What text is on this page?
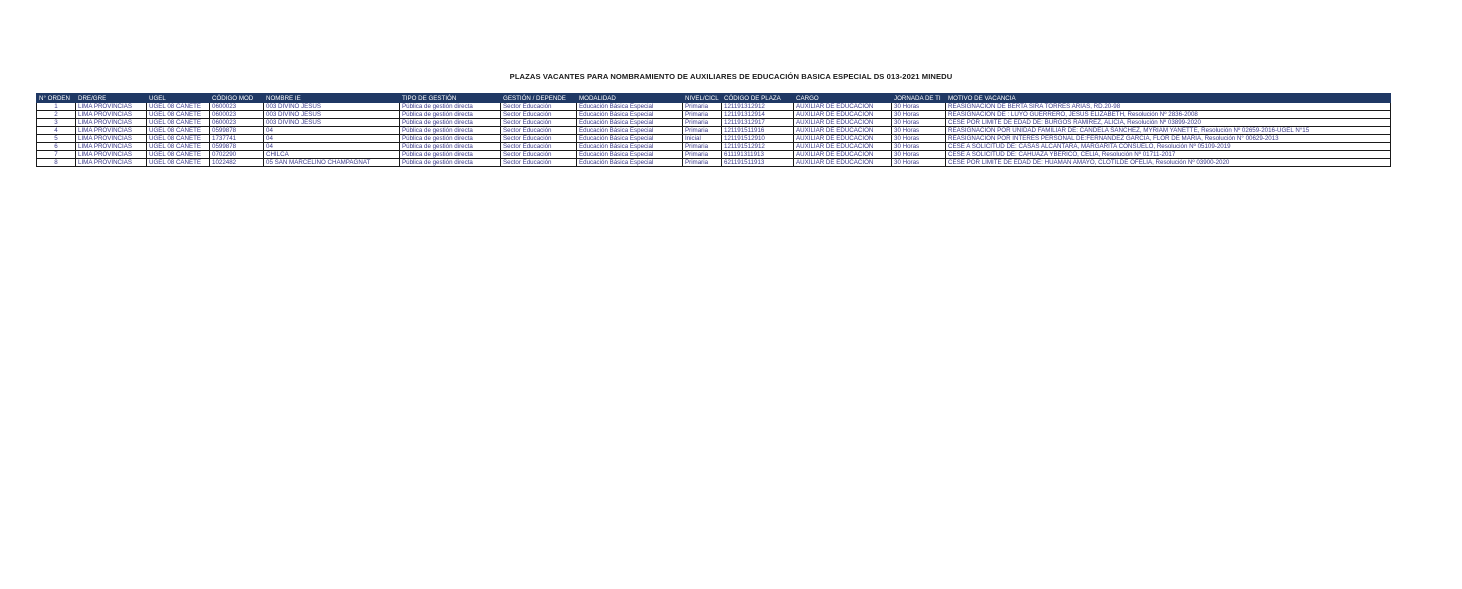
PLAZAS VACANTES PARA NOMBRAMIENTO DE AUXILIARES DE EDUCACIÓN BASICA ESPECIAL DS 013-2021 MINEDU
N° ORDEN	DRE/GRE	UGEL	CÓDIGO MOD	NOMBRE IE	TIPO DE GESTIÓN	GESTIÓN / DEPENDE	MODALIDAD	NIVEL/CICL	CÓDIGO DE PLAZA	CARGO	JORNADA DE TI	MOTIVO DE VACANCIA
1	LIMA PROVINCIAS	UGEL 08 CAÑETE	0600023	003 DIVINO JESUS	Pública de gestión directa	Sector Educación	Educación Básica Especial	Primaria	121191312912	AUXILIAR DE EDUCACION	30 Horas	REASIGNACION DE BERTA SIRA TORRES ARIAS, RD.20-98
2	LIMA PROVINCIAS	UGEL 08 CAÑETE	0600023	003 DIVINO JESUS	Pública de gestión directa	Sector Educación	Educación Básica Especial	Primaria	121191312914	AUXILIAR DE EDUCACION	30 Horas	REASIGNACION DE : LUYO GUERRERO, JESUS ELIZABETH, Resolución Nº 2836-2008
3	LIMA PROVINCIAS	UGEL 08 CAÑETE	0600023	003 DIVINO JESUS	Pública de gestión directa	Sector Educación	Educación Básica Especial	Primaria	121191312917	AUXILIAR DE EDUCACION	30 Horas	CESE POR LIMITE DE EDAD DE: BURGOS RAMIREZ, ALICIA, Resolución Nº 03899-2020
4	LIMA PROVINCIAS	UGEL 08 CAÑETE	0599878	04	Pública de gestión directa	Sector Educación	Educación Básica Especial	Primaria	121191511916	AUXILIAR DE EDUCACION	30 Horas	REASIGNACION POR UNIDAD FAMILIAR DE: CANDELA SANCHEZ, MYRIAM YANETTE, Resolución Nº 02659-2016-UGEL N°15
5	LIMA PROVINCIAS	UGEL 08 CAÑETE	1737741	04	Pública de gestión directa	Sector Educación	Educación Básica Especial	Inicial	121191512910	AUXILIAR DE EDUCACION	30 Horas	REASIGNACION POR INTERES PERSONAL DE:FERNANDEZ GARCIA, FLOR DE MARIA, Resolución N° 00629-2013
6	LIMA PROVINCIAS	UGEL 08 CAÑETE	0599878	04	Pública de gestión directa	Sector Educación	Educación Básica Especial	Primaria	121191512912	AUXILIAR DE EDUCACION	30 Horas	CESE A SOLICITUD DE: CASAS ALCANTARA, MARGARITA CONSUELO, Resolución Nº 05109-2019
7	LIMA PROVINCIAS	UGEL 08 CAÑETE	0702290	CHILCA	Pública de gestión directa	Sector Educación	Educación Básica Especial	Primaria	611191311913	AUXILIAR DE EDUCACION	30 Horas	CESE A SOLICITUD DE: CAHUAZA YBERICO, CELIA, Resolución Nº 01711-2017
8	LIMA PROVINCIAS	UGEL 08 CAÑETE	1022482	05 SAN MARCELINO CHAMPAGNAT	Pública de gestión directa	Sector Educación	Educación Básica Especial	Primaria	621191511913	AUXILIAR DE EDUCACION	30 Horas	CESE POR LIMITE DE EDAD DE: HUAMAN AMAYO, CLOTILDE OFELIA, Resolución Nº 03900-2020
